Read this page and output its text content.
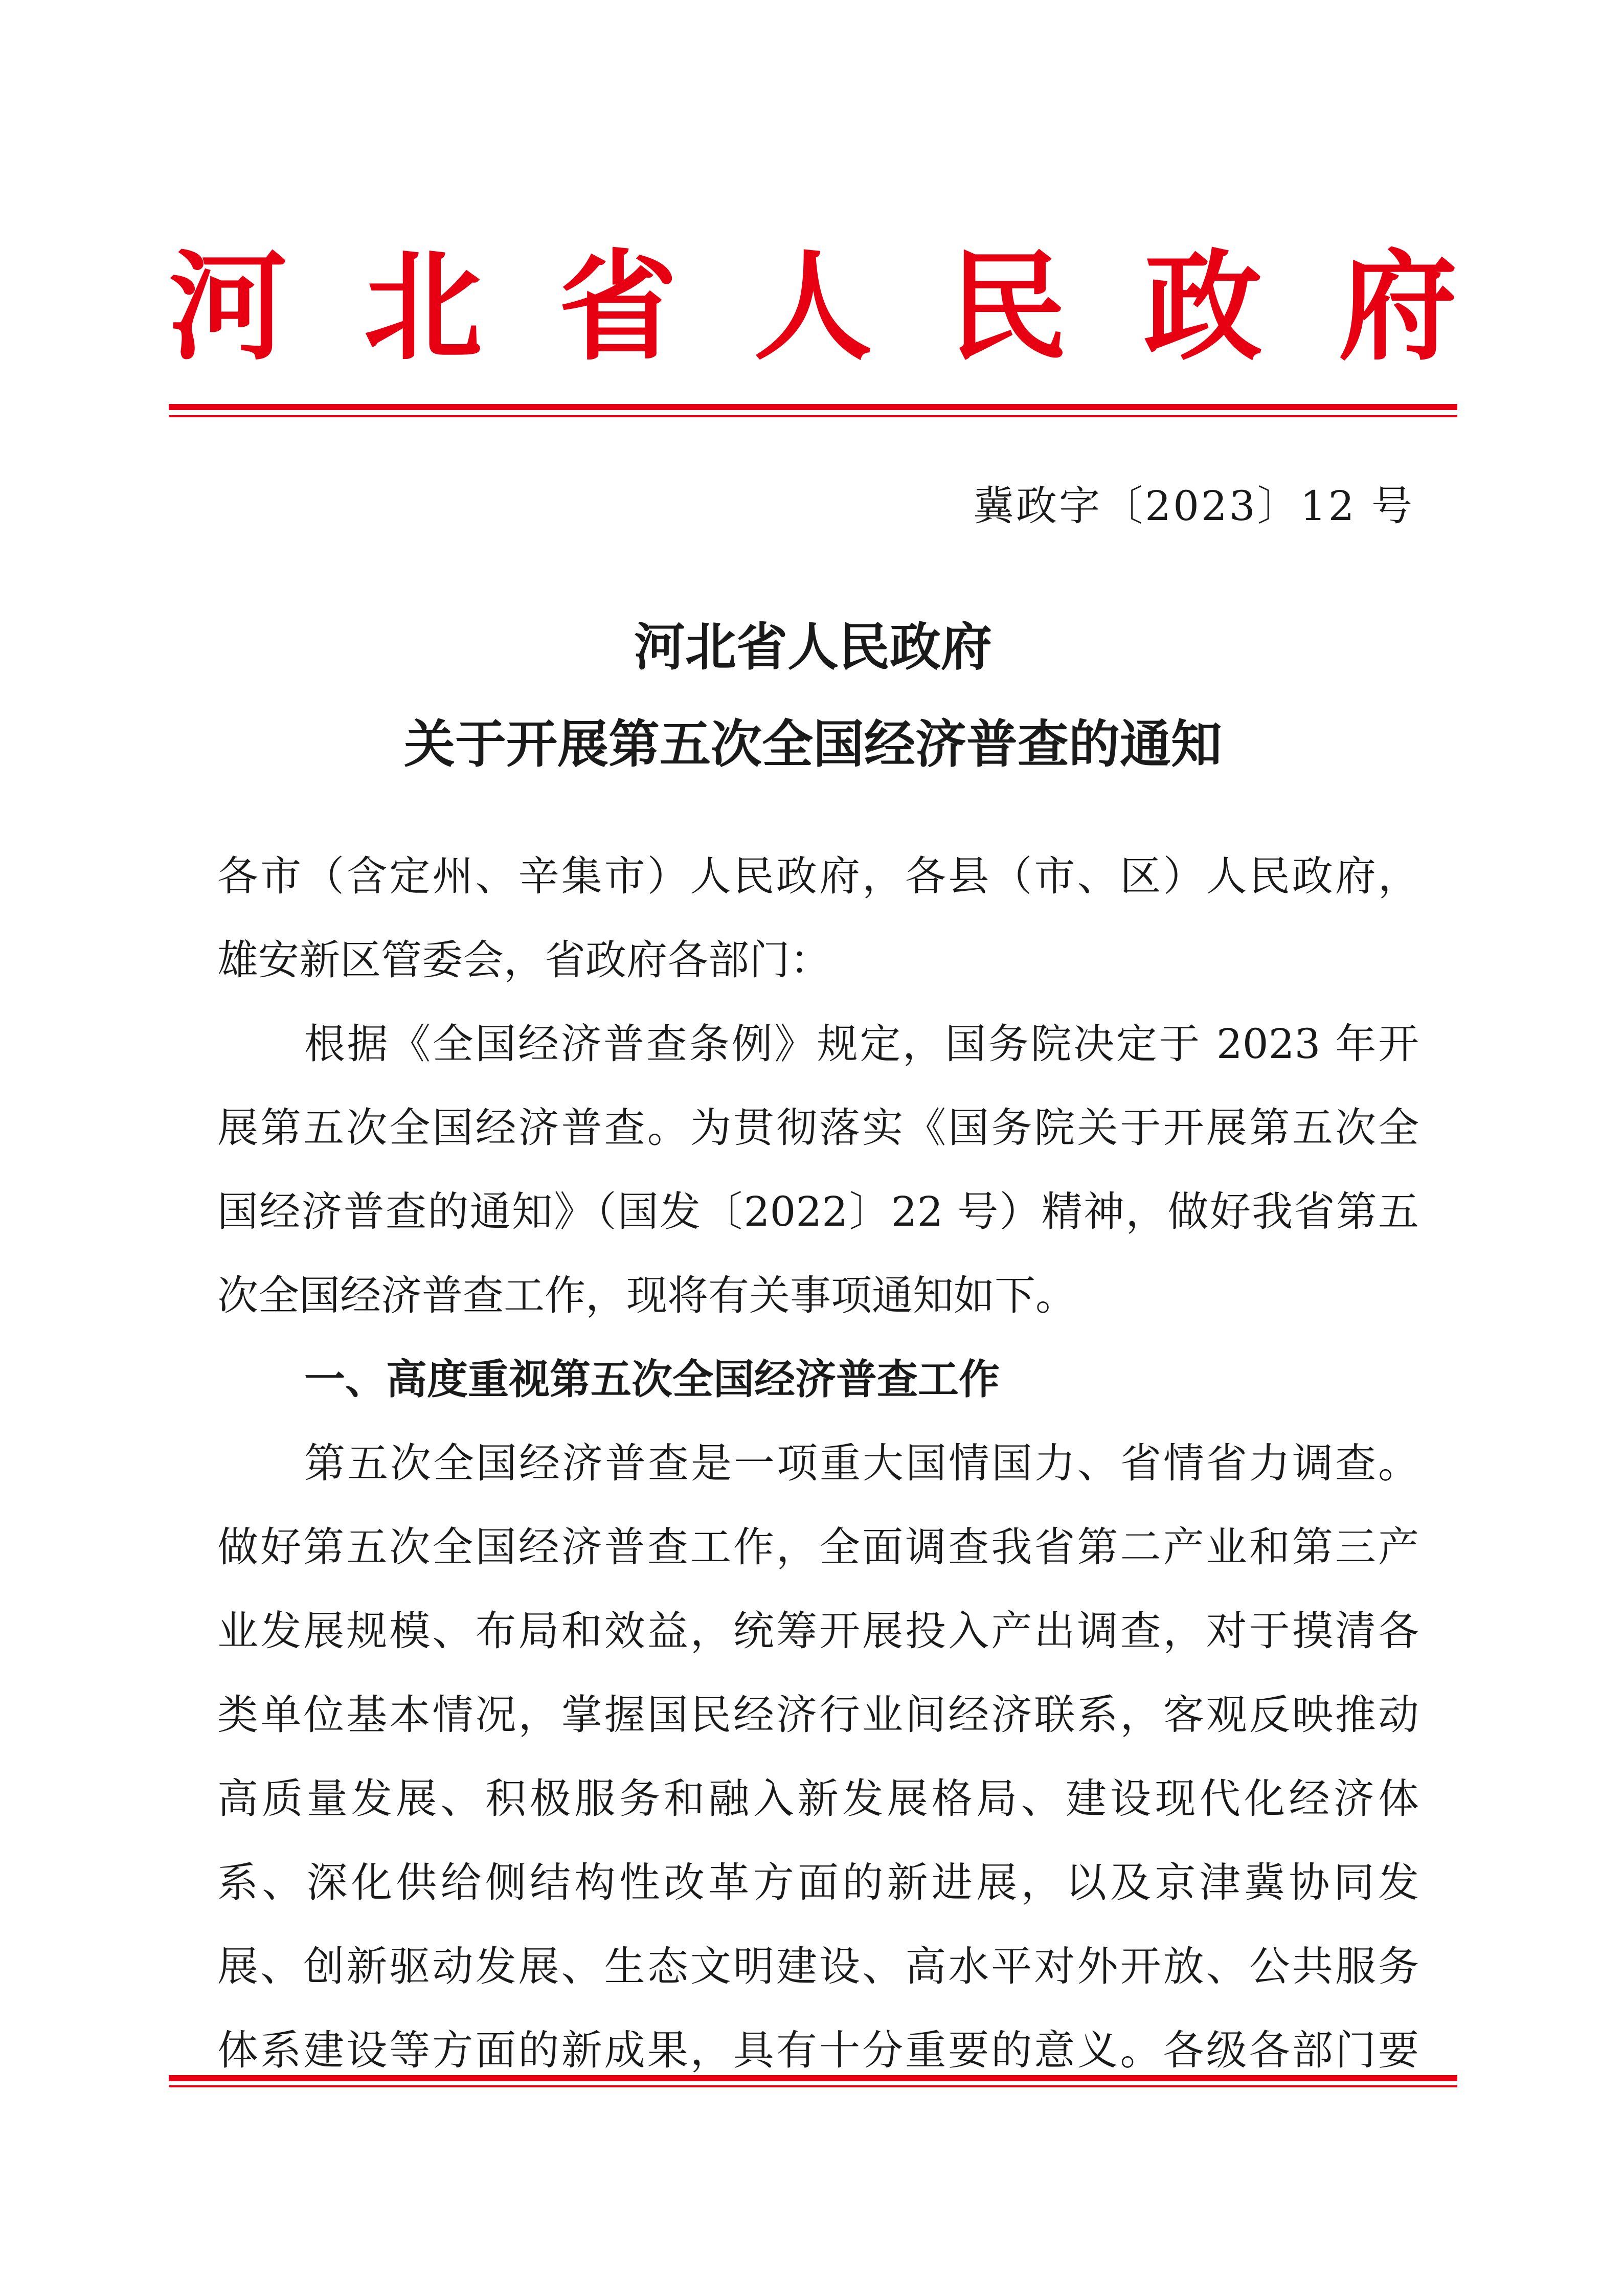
河 北 省 人 民 政 府
冀政字〔2023〕12 号
河北省人民政府
关于开展第五次全国经济普查的通知
各市（含定州、辛集市）人民政府，各县（市、区）人民政府，
雄安新区管委会，省政府各部门：
根据《全国经济普查条例》规定，国务院决定于 2023 年开
展第五次全国经济普查。为贯彻落实《国务院关于开展第五次全
国经济普查的通知》（国发〔2022〕22 号）精神，做好我省第五
次全国经济普查工作，现将有关事项通知如下。
一、高度重视第五次全国经济普查工作
第五次全国经济普查是一项重大国情国力、省情省力调查。
做好第五次全国经济普查工作，全面调查我省第二产业和第三产
业发展规模、布局和效益，统筹开展投入产出调查，对于摸清各
类单位基本情况，掌握国民经济行业间经济联系，客观反映推动
高质量发展、积极服务和融入新发展格局、建设现代化经济体
系、深化供给侧结构性改革方面的新进展，以及京津冀协同发
展、创新驱动发展、生态文明建设、高水平对外开放、公共服务
体系建设等方面的新成果，具有十分重要的意义。各级各部门要
